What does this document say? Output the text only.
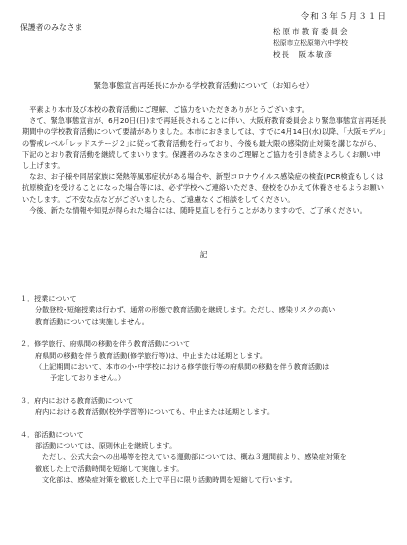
令和３年５月３１日
保護者のみなさま	松原市教育委員会
松原市立松原第六中学校
校長　阪本敏彦
緊急事態宣言再延長にかかる学校教育活動について（お知らせ）

　平素より本市及び本校の教育活動にご理解、ご協力をいただきありがとうございます。

　さて、緊急事態宣言が、6月20日(日)まで再延長されることに伴い、大阪府教育委員会より緊急事態宣言再延長期間中の学校教育活動について要請がありました。本市におきましては、すでに4月14日(水)以降、｢大阪モデル｣の警戒レベル｢レッドステージ２｣に従って教育活動を行っており、今後も最大限の感染防止対策を講じながら、下記のとおり教育活動を継続してまいります。保護者のみなさまのご理解とご協力を引き続きよろしくお願い申し上げます。

　なお、お子様や同居家族に発熱等風邪症状がある場合や、新型コロナウイルス感染症の検査(PCR検査もしくは抗原検査)を受けることになった場合等には、必ず学校へご連絡いただき、登校をひかえて休養させるようお願いいたします。ご不安な点などがございましたら、ご遠慮なくご相談をしてください。

　今後、新たな情報や知見が得られた場合には、随時見直しを行うことがありますので、ご了承ください。

記
１．授業について
分散登校･短縮授業は行わず、通常の形態で教育活動を継続します。ただし、感染リスクの高い
教育活動については実施しません。
２．修学旅行、府県間の移動を伴う教育活動について
府県間の移動を伴う教育活動(修学旅行等)は、中止または延期とします。
（上記期間において、本市の小･中学校における修学旅行等の府県間の移動を伴う教育活動は
予定しておりません。）
３．府内における教育活動について
府内における教育活動(校外学習等)についても、中止または延期とします。
４．部活動について
部活動については、原則休止を継続します。
ただし、公式大会への出場等を控えている運動部については、概ね３週間前より、感染症対策を
徹底した上で活動時間を短縮して実施します。
文化部は、感染症対策を徹底した上で平日に限り活動時間を短縮して行います。
